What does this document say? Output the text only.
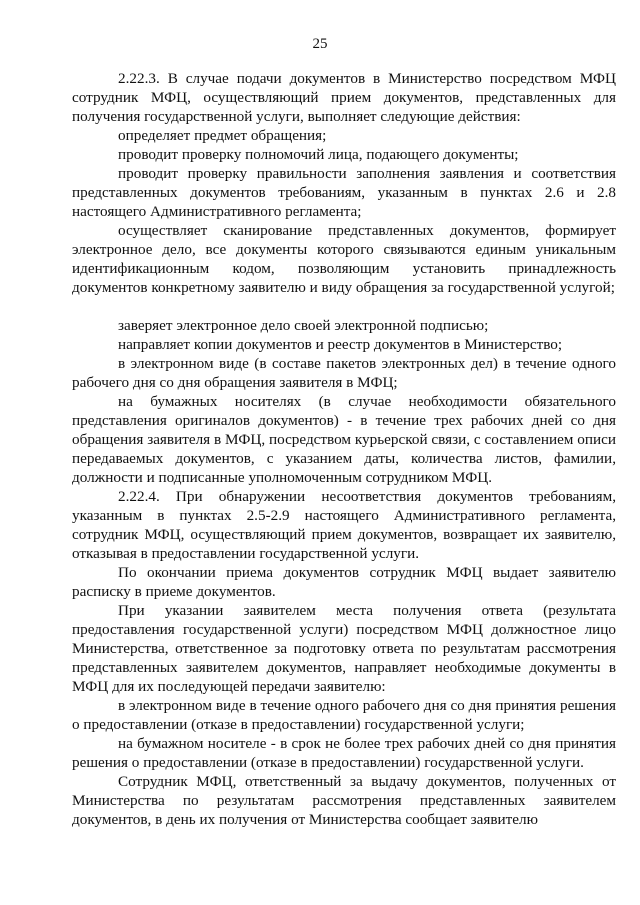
25

2.22.3. В случае подачи документов в Министерство посредством МФЦ сотрудник МФЦ, осуществляющий прием документов, представленных для получения государственной услуги, выполняет следующие действия:

определяет предмет обращения;

проводит проверку полномочий лица, подающего документы;

проводит проверку правильности заполнения заявления и соответствия представленных документов требованиям, указанным в пунктах 2.6 и 2.8 настоящего Административного регламента;

осуществляет сканирование представленных документов, формирует электронное дело, все документы которого связываются единым уникальным идентификационным кодом, позволяющим установить принадлежность документов конкретному заявителю и виду обращения за государственной услугой;

заверяет электронное дело своей электронной подписью;

направляет копии документов и реестр документов в Министерство;

в электронном виде (в составе пакетов электронных дел) в течение одного рабочего дня со дня обращения заявителя в МФЦ;

на бумажных носителях (в случае необходимости обязательного представления оригиналов документов) - в течение трех рабочих дней со дня обращения заявителя в МФЦ, посредством курьерской связи, с составлением описи передаваемых документов, с указанием даты, количества листов, фамилии, должности и подписанные уполномоченным сотрудником МФЦ.

2.22.4. При обнаружении несоответствия документов требованиям, указанным в пунктах 2.5-2.9 настоящего Административного регламента, сотрудник МФЦ, осуществляющий прием документов, возвращает их заявителю, отказывая в предоставлении государственной услуги.

По окончании приема документов сотрудник МФЦ выдает заявителю расписку в приеме документов.

При указании заявителем места получения ответа (результата предоставления государственной услуги) посредством МФЦ должностное лицо Министерства, ответственное за подготовку ответа по результатам рассмотрения представленных заявителем документов, направляет необходимые документы в МФЦ для их последующей передачи заявителю:

в электронном виде в течение одного рабочего дня со дня принятия решения о предоставлении (отказе в предоставлении) государственной услуги;

на бумажном носителе - в срок не более трех рабочих дней со дня принятия решения о предоставлении (отказе в предоставлении) государственной услуги.

Сотрудник МФЦ, ответственный за выдачу документов, полученных от Министерства по результатам рассмотрения представленных заявителем документов, в день их получения от Министерства сообщает заявителю
